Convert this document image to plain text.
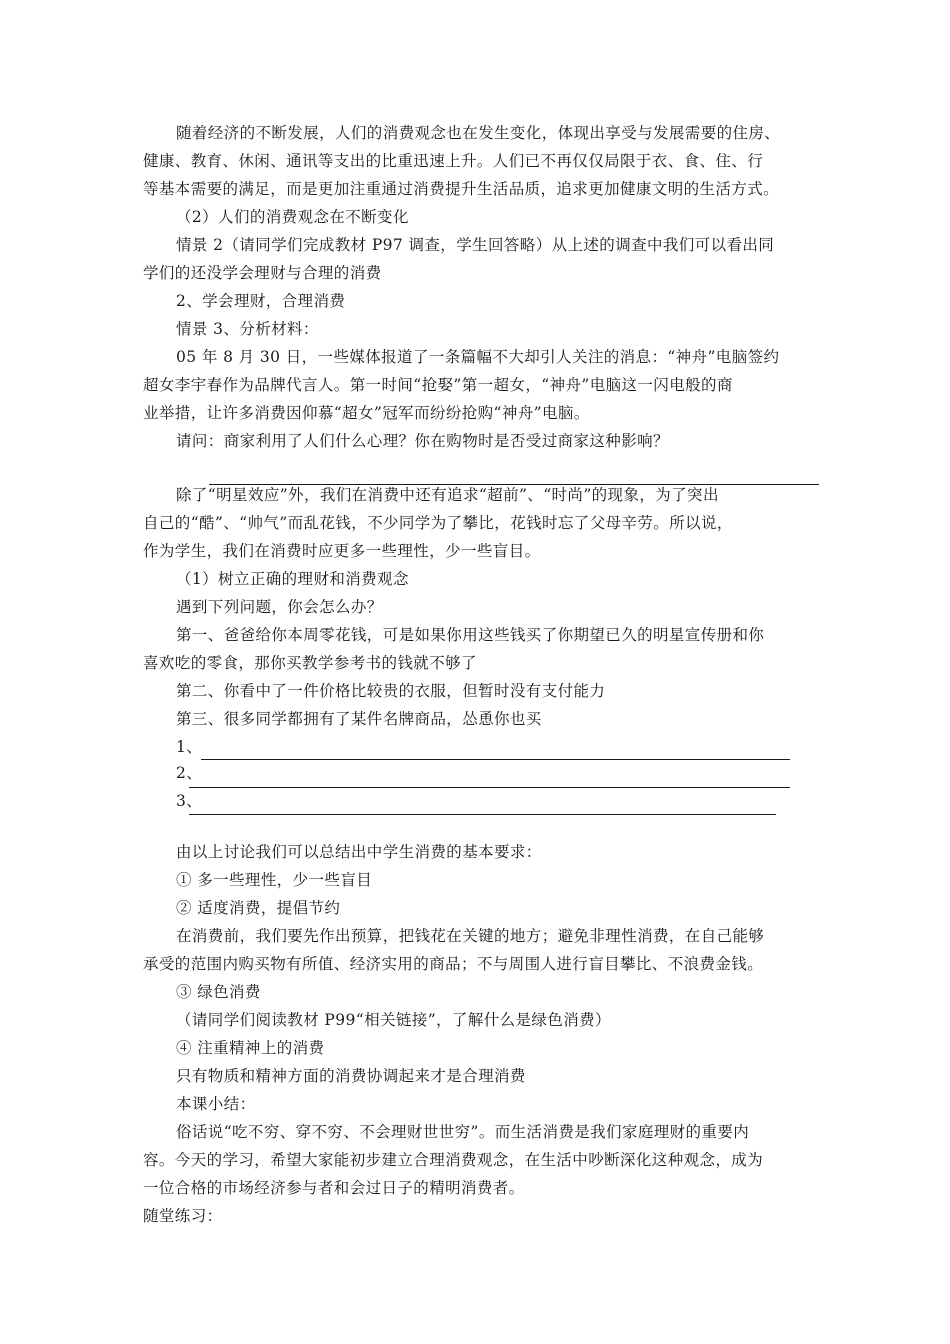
随着经济的不断发展，人们的消费观念也在发生变化，体现出享受与发展需要的住房、
健康、教育、休闲、通讯等支出的比重迅速上升。人们已不再仅仅局限于衣、食、住、行
等基本需要的满足，而是更加注重通过消费提升生活品质，追求更加健康文明的生活方式。
（2）人们的消费观念在不断变化
情景 2（请同学们完成教材 P97 调查，学生回答略）从上述的调查中我们可以看出同
学们的还没学会理财与合理的消费
2、学会理财，合理消费
情景 3、分析材料：
05 年 8 月 30 日，一些媒体报道了一条篇幅不大却引人关注的消息：“神舟”电脑签约
超女李宇春作为品牌代言人。第一时间“抢娶”第一超女，“神舟”电脑这一闪电般的商
业举措，让许多消费因仰慕“超女”冠军而纷纷抢购“神舟”电脑。
请问：商家利用了人们什么心理？你在购物时是否受过商家这种影响？
除了“明星效应”外，我们在消费中还有追求“超前”、“时尚”的现象，为了突出
自己的“酷”、“帅气”而乱花钱，不少同学为了攀比，花钱时忘了父母辛劳。所以说，
作为学生，我们在消费时应更多一些理性，少一些盲目。
（1）树立正确的理财和消费观念
遇到下列问题，你会怎么办？
第一、爸爸给你本周零花钱，可是如果你用这些钱买了你期望已久的明星宣传册和你
喜欢吃的零食，那你买教学参考书的钱就不够了
第二、你看中了一件价格比较贵的衣服，但暂时没有支付能力
第三、很多同学都拥有了某件名牌商品，怂恿你也买
1、
2、
3、
由以上讨论我们可以总结出中学生消费的基本要求：
① 多一些理性，少一些盲目
② 适度消费，提倡节约
在消费前，我们要先作出预算，把钱花在关键的地方；避免非理性消费，在自己能够
承受的范围内购买物有所值、经济实用的商品；不与周围人进行盲目攀比、不浪费金钱。
③ 绿色消费
（请同学们阅读教材 P99“相关链接”，了解什么是绿色消费）
④ 注重精神上的消费
只有物质和精神方面的消费协调起来才是合理消费
本课小结：
俗话说“吃不穷、穿不穷、不会理财世世穷”。而生活消费是我们家庭理财的重要内
容。今天的学习，希望大家能初步建立合理消费观念，在生活中吵断深化这种观念，成为
一位合格的市场经济参与者和会过日子的精明消费者。
随堂练习：
